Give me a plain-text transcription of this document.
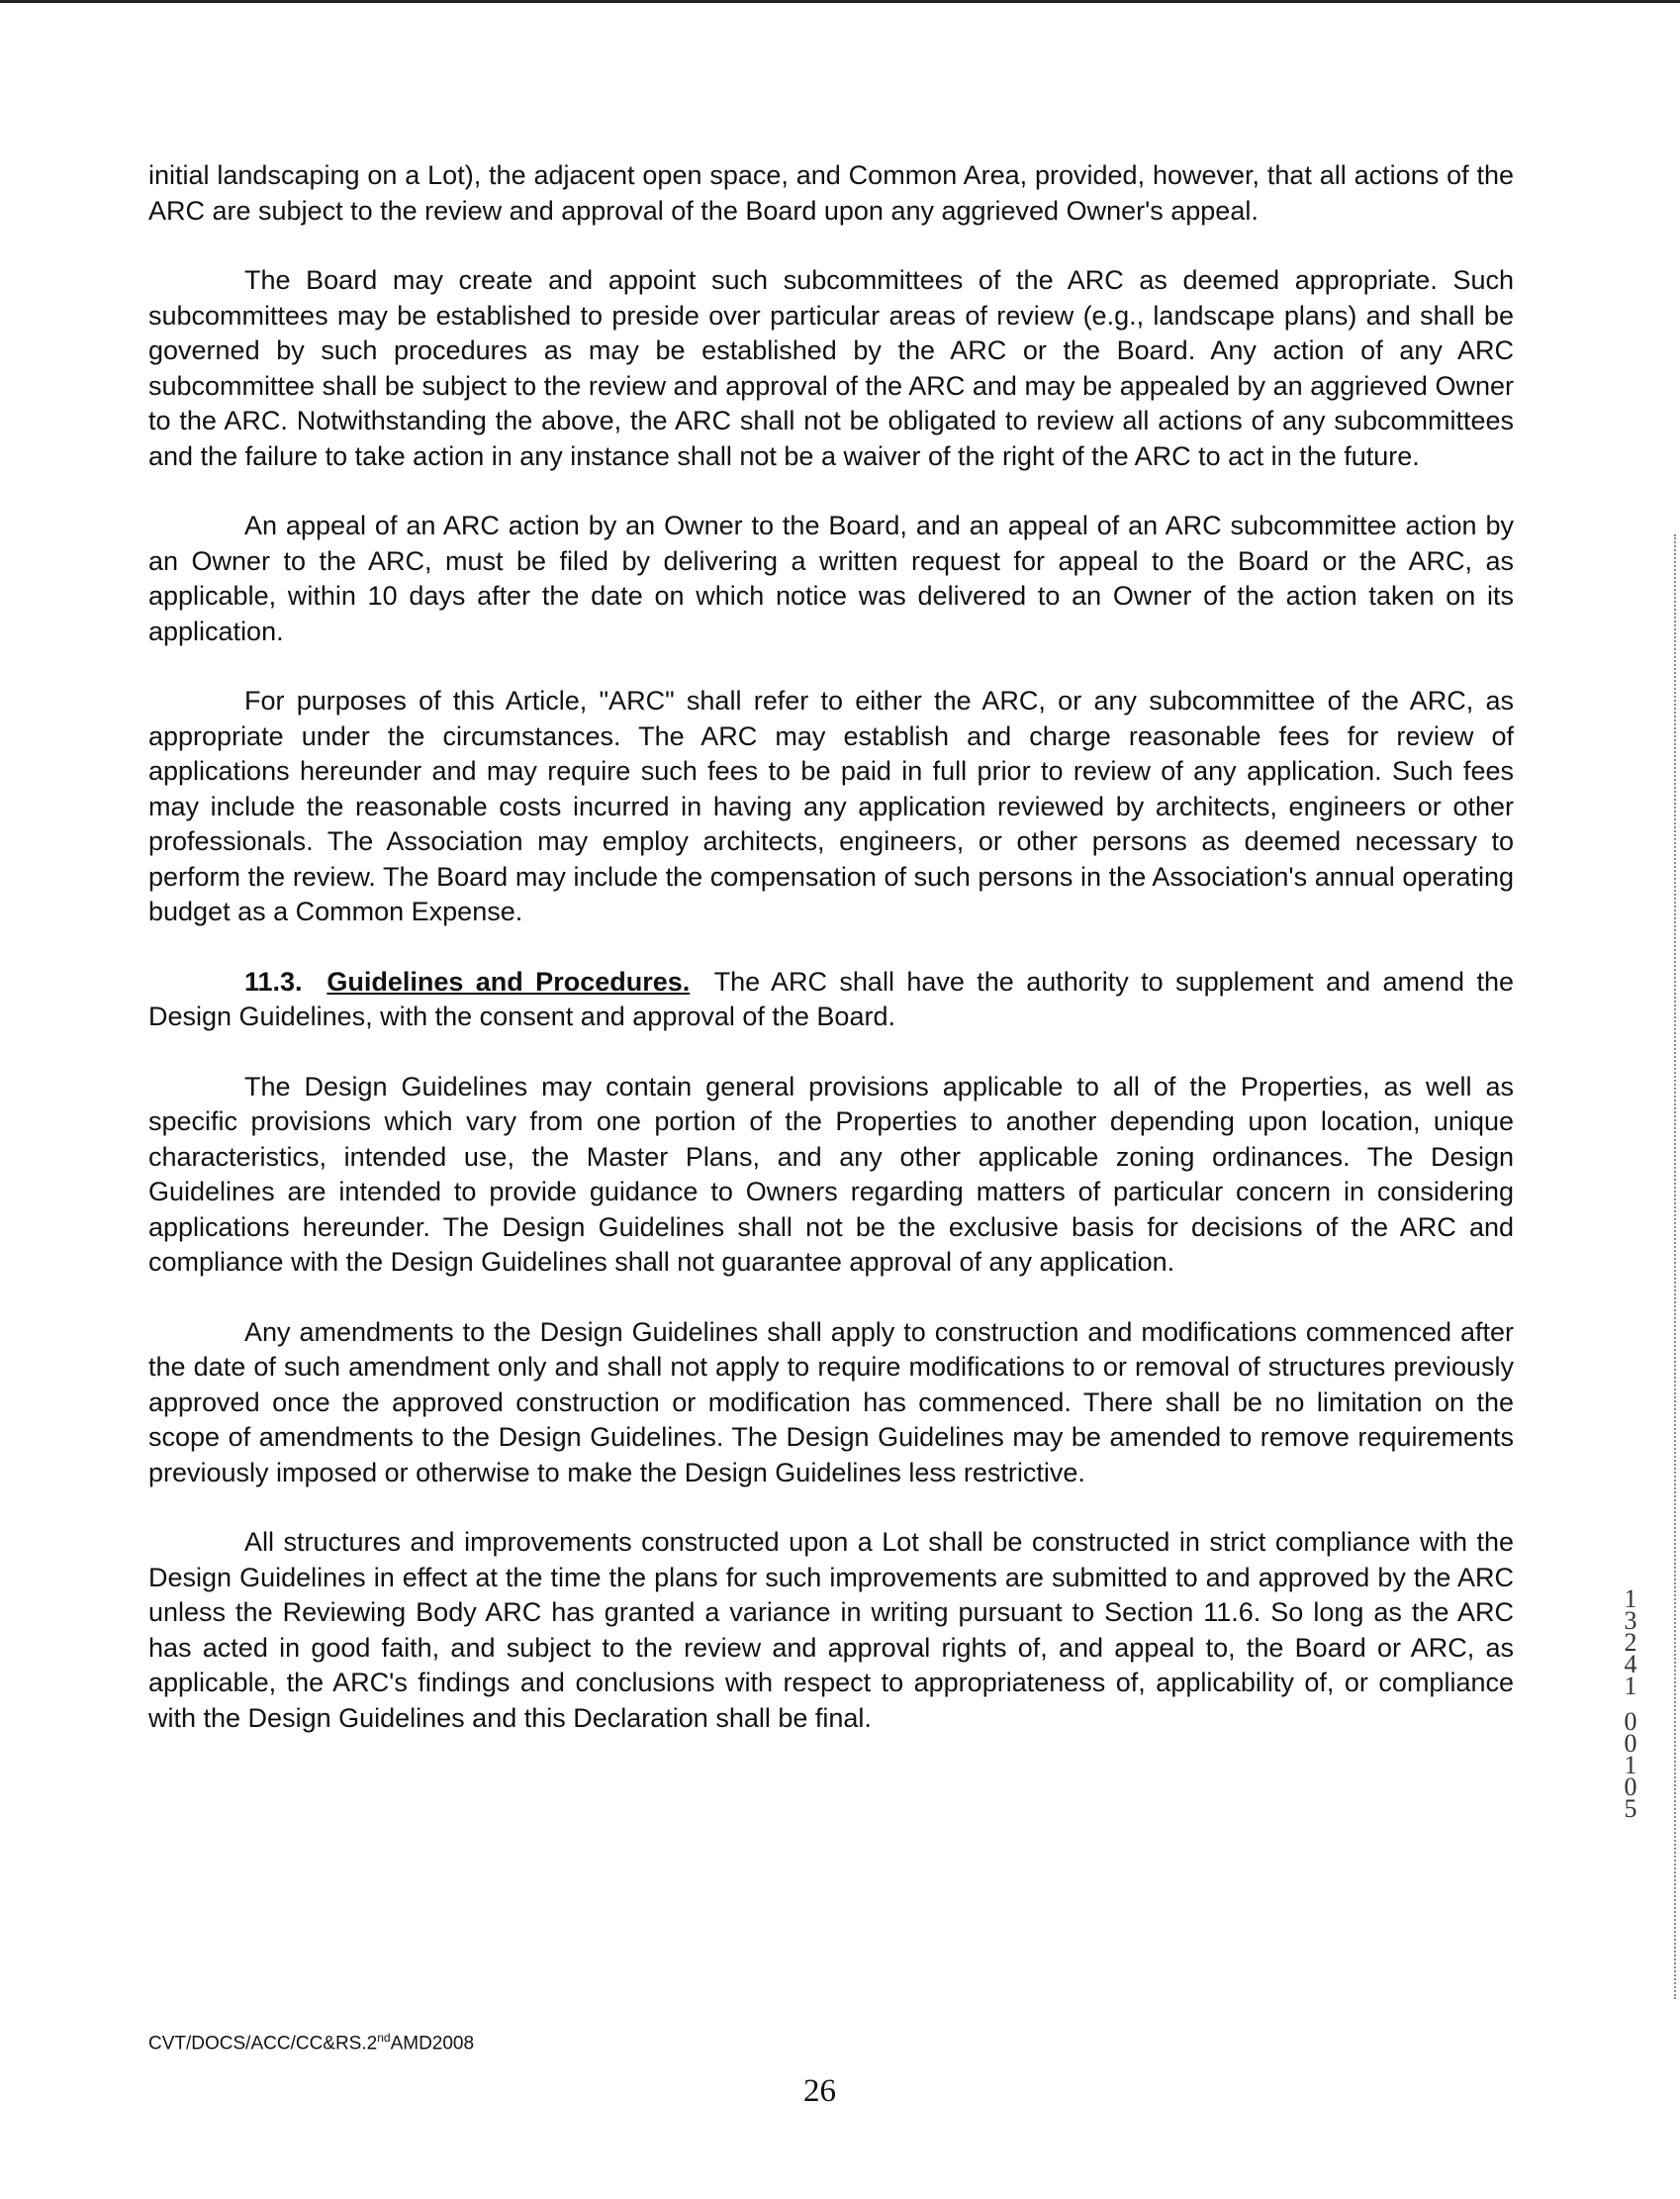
initial landscaping on a Lot), the adjacent open space, and Common Area, provided, however, that all actions of the ARC are subject to the review and approval of the Board upon any aggrieved Owner's appeal.

The Board may create and appoint such subcommittees of the ARC as deemed appropriate. Such subcommittees may be established to preside over particular areas of review (e.g., landscape plans) and shall be governed by such procedures as may be established by the ARC or the Board. Any action of any ARC subcommittee shall be subject to the review and approval of the ARC and may be appealed by an aggrieved Owner to the ARC. Notwithstanding the above, the ARC shall not be obligated to review all actions of any subcommittees and the failure to take action in any instance shall not be a waiver of the right of the ARC to act in the future.

An appeal of an ARC action by an Owner to the Board, and an appeal of an ARC subcommittee action by an Owner to the ARC, must be filed by delivering a written request for appeal to the Board or the ARC, as applicable, within 10 days after the date on which notice was delivered to an Owner of the action taken on its application.

For purposes of this Article, "ARC" shall refer to either the ARC, or any subcommittee of the ARC, as appropriate under the circumstances. The ARC may establish and charge reasonable fees for review of applications hereunder and may require such fees to be paid in full prior to review of any application. Such fees may include the reasonable costs incurred in having any application reviewed by architects, engineers or other professionals. The Association may employ architects, engineers, or other persons as deemed necessary to perform the review. The Board may include the compensation of such persons in the Association's annual operating budget as a Common Expense.

11.3. Guidelines and Procedures. The ARC shall have the authority to supplement and amend the Design Guidelines, with the consent and approval of the Board.

The Design Guidelines may contain general provisions applicable to all of the Properties, as well as specific provisions which vary from one portion of the Properties to another depending upon location, unique characteristics, intended use, the Master Plans, and any other applicable zoning ordinances. The Design Guidelines are intended to provide guidance to Owners regarding matters of particular concern in considering applications hereunder. The Design Guidelines shall not be the exclusive basis for decisions of the ARC and compliance with the Design Guidelines shall not guarantee approval of any application.

Any amendments to the Design Guidelines shall apply to construction and modifications commenced after the date of such amendment only and shall not apply to require modifications to or removal of structures previously approved once the approved construction or modification has commenced. There shall be no limitation on the scope of amendments to the Design Guidelines. The Design Guidelines may be amended to remove requirements previously imposed or otherwise to make the Design Guidelines less restrictive.

All structures and improvements constructed upon a Lot shall be constructed in strict compliance with the Design Guidelines in effect at the time the plans for such improvements are submitted to and approved by the ARC unless the Reviewing Body ARC has granted a variance in writing pursuant to Section 11.6. So long as the ARC has acted in good faith, and subject to the review and approval rights of, and appeal to, the Board or ARC, as applicable, the ARC's findings and conclusions with respect to appropriateness of, applicability of, or compliance with the Design Guidelines and this Declaration shall be final.

1
3
2
4
1
0
0
1
0
5
CVT/DOCS/ACC/CC&RS.2ndAMD2008
26
